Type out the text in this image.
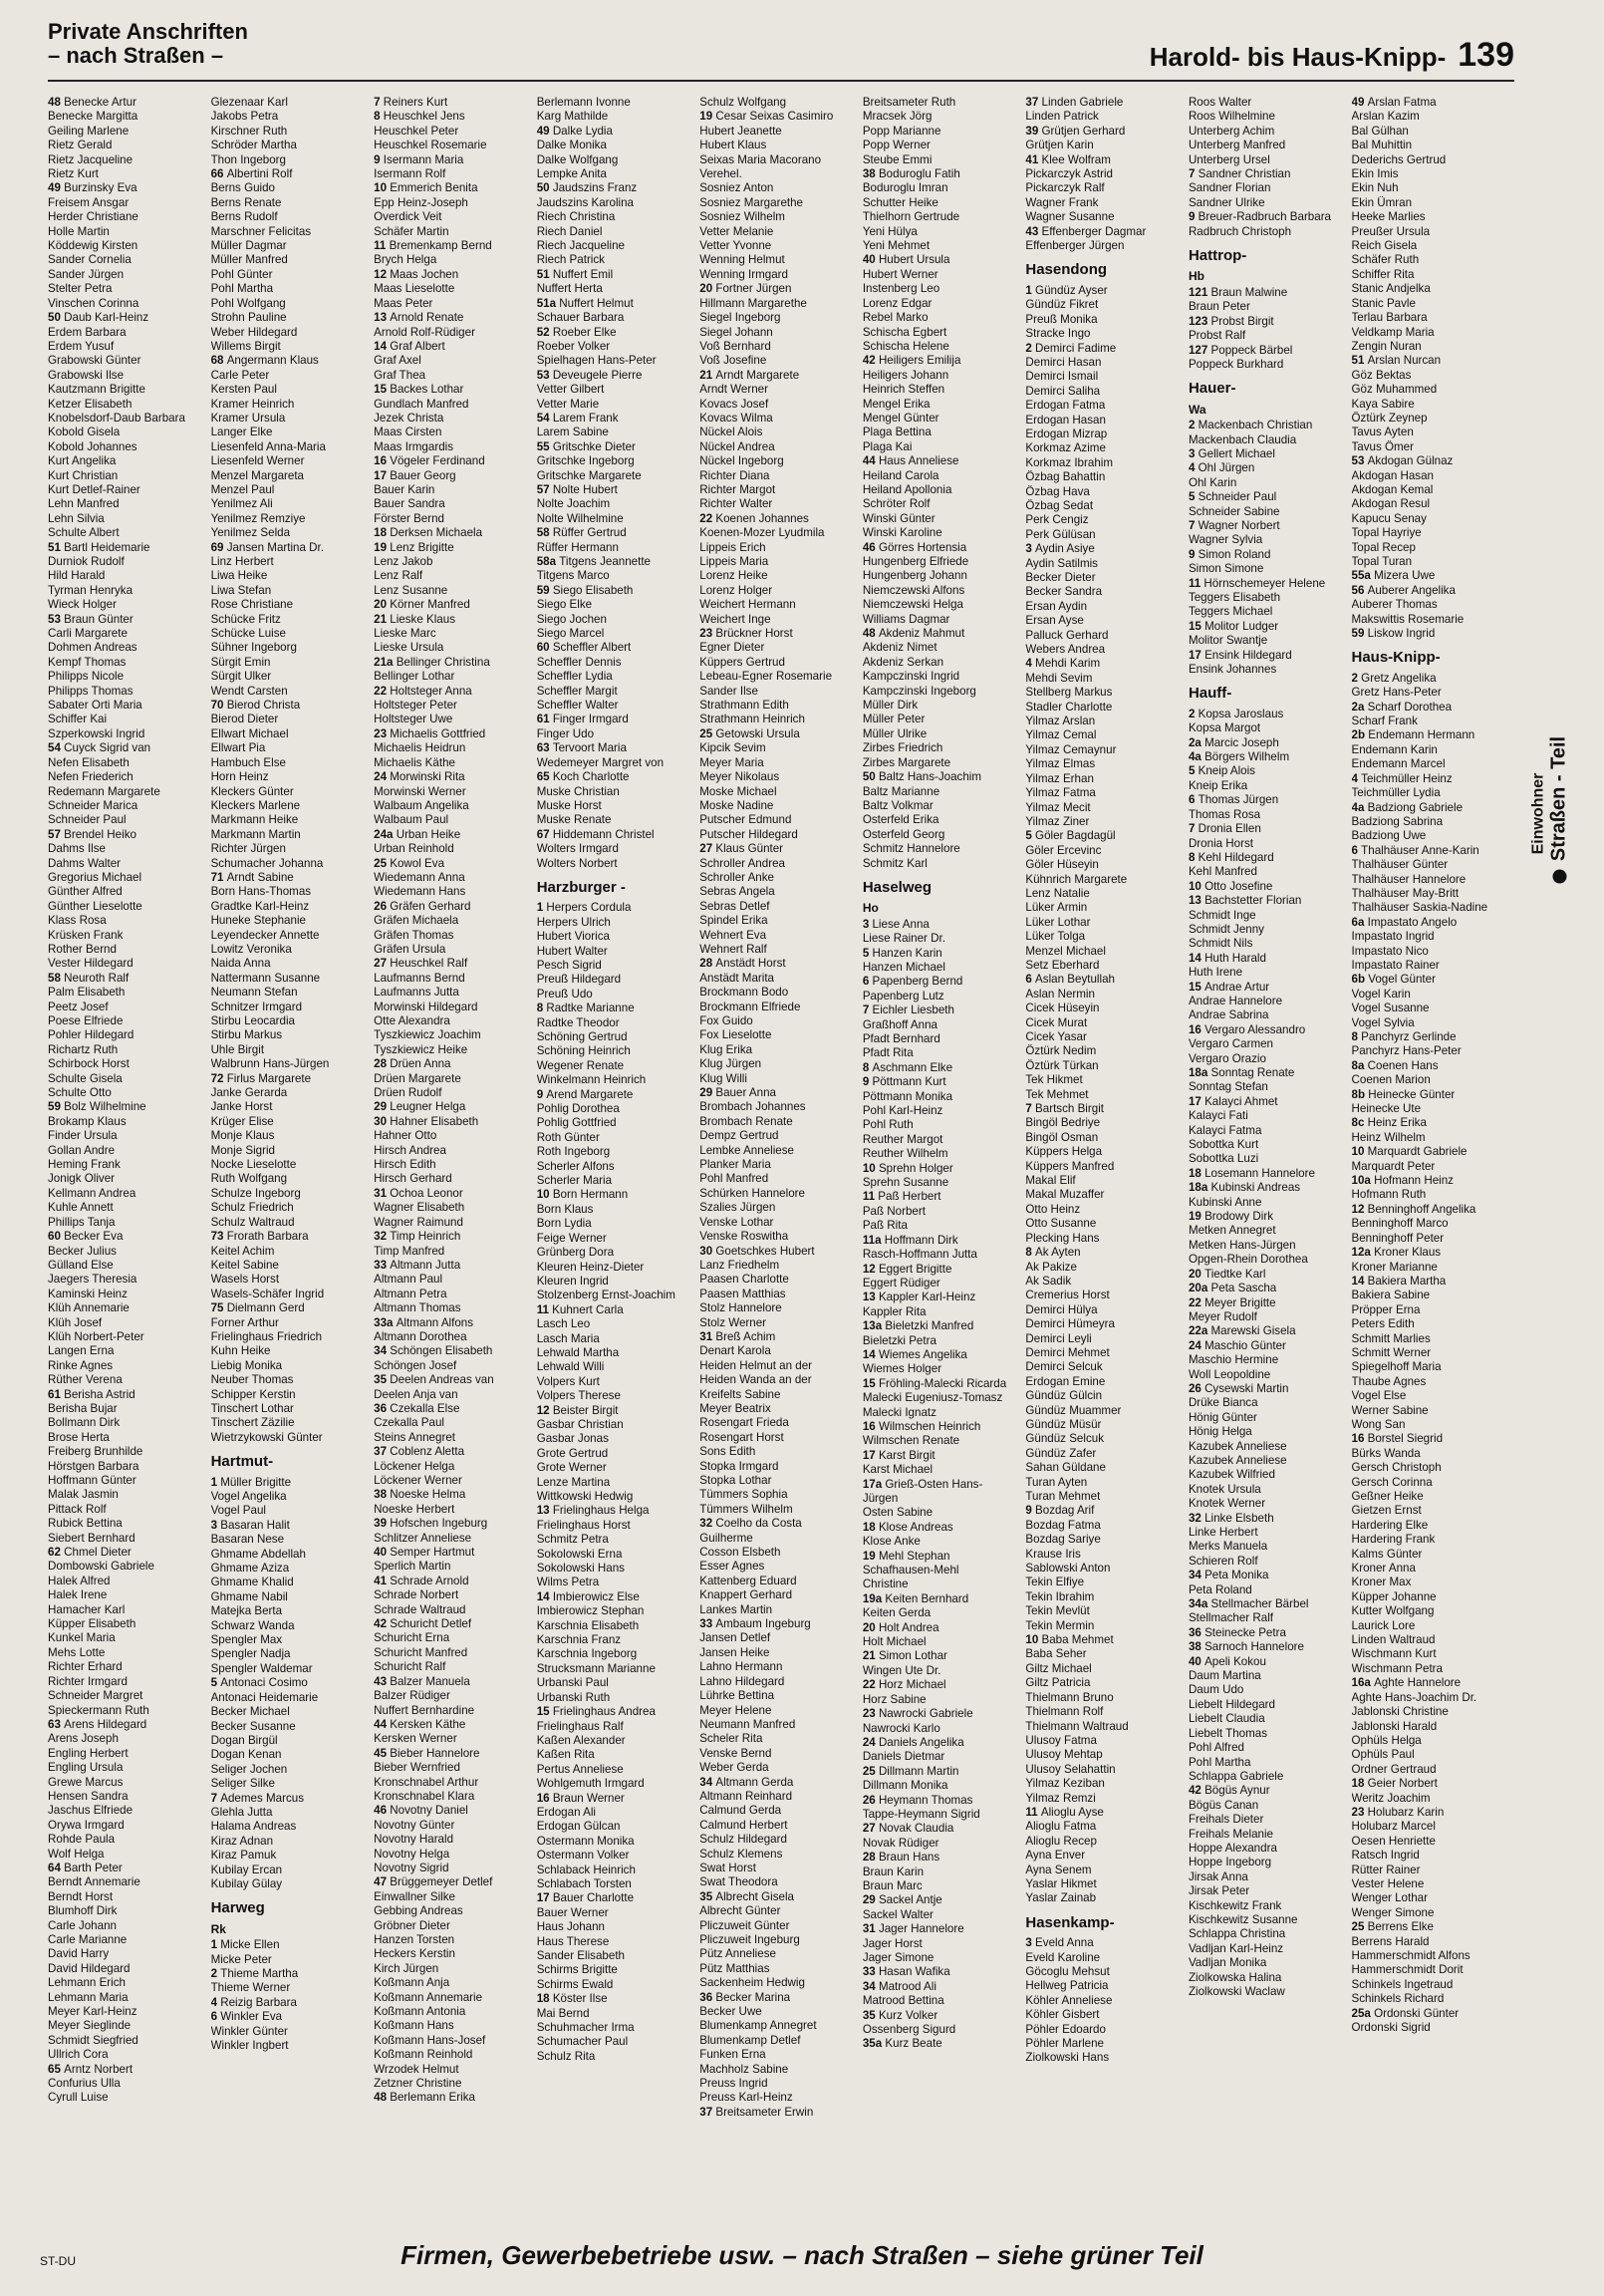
Private Anschriften
– nach Straßen –	Harold- bis Haus-Knipp- 139
48 Benecke Artur
Benecke Margitta
Geiling Marlene
Rietz Gerald
Rietz Jacqueline
Rietz Kurt
49 Burzinsky Eva
Freisem Ansgar
Herder Christiane
Holle Martin
Köddewig Kirsten
Sander Cornelia
Sander Jürgen
Stelter Petra
Vinschen Corinna
50 Daub Karl-Heinz
Erdem Barbara
Erdem Yusuf
Grabowski Günter
Grabowski Ilse
Kautzmann Brigitte
Ketzer Elisabeth
Knobelsdorf-Daub Barbara
Kobold Gisela
Kobold Johannes
Kurt Angelika
Kurt Christian
Kurt Detlef-Rainer
Lehn Manfred
Lehn Silvia
Schulte Albert
51 Bartl Heidemarie
Durniok Rudolf
Hild Harald
Tyrman Henryka
Wieck Holger
53 Braun Günter
Carli Margarete
Dohmen Andreas
Kempf Thomas
Philipps Nicole
Philipps Thomas
Sabater Orti Maria
Schiffer Kai
Szperkowski Ingrid
54 Cuyck Sigrid van
Nefen Elisabeth
Nefen Friederich
Redemann Margarete
Schneider Marica
Schneider Paul
57 Brendel Heiko
Dahms Ilse
Dahms Walter
Gregorius Michael
Günther Alfred
Günther Lieselotte
Klass Rosa
Krüsken Frank
Rother Bernd
Vester Hildegard
58 Neuroth Ralf
Palm Elisabeth
Peetz Josef
Poese Elfriede
Pohler Hildegard
Richartz Ruth
Schirbock Horst
Schulte Gisela
Schulte Otto
59 Bolz Wilhelmine
Brokamp Klaus
Finder Ursula
Gollan Andre
Heming Frank
Jonigk Oliver
Kellmann Andrea
Kuhle Annett
Phillips Tanja
60 Becker Eva
Becker Julius
Gülland Else
Jaegers Theresia
Kaminski Heinz
Klüh Annemarie
Klüh Josef
Klüh Norbert-Peter
Langen Erna
Rinke Agnes
Rüther Verena
61 Berisha Astrid
Berisha Bujar
Bollmann Dirk
Brose Herta
Freiberg Brunhilde
Hörstgen Barbara
Hoffmann Günter
Malak Jasmin
Pittack Rolf
Rubick Bettina
Siebert Bernhard
62 Chmel Dieter
Dombowski Gabriele
Halek Alfred
Halek Irene
Hamacher Karl
Küpper Elisabeth
Kunkel Maria
Mehs Lotte
Richter Erhard
Richter Irmgard
Schneider Margret
Spieckermann Ruth
63 Arens Hildegard
Arens Joseph
Engling Herbert
Engling Ursula
Grewe Marcus
Hensen Sandra
Jaschus Elfriede
Orywa Irmgard
Rohde Paula
Wolf Helga
64 Barth Peter
Berndt Annemarie
Berndt Horst
Blumhoff Dirk
Carle Johann
Carle Marianne
David Harry
David Hildegard
Lehmann Erich
Lehmann Maria
Meyer Karl-Heinz
Meyer Sieglinde
Schmidt Siegfried
Ullrich Cora
65 Arntz Norbert
Confurius Ulla
Cyrull Luise
Glezenaar Karl
Jakobs Petra
Kirschner Ruth
Schröder Martha
Thon Ingeborg
66 Albertini Rolf
Berns Guido
Berns Renate
Berns Rudolf
Marschner Felicitas
Müller Dagmar
Müller Manfred
Pohl Günter
Pohl Martha
Pohl Wolfgang
Strohn Pauline
Weber Hildegard
Willems Birgit
68 Angermann Klaus
Carle Peter
Kersten Paul
Kramer Heinrich
Kramer Ursula
Langer Elke
Liesenfeld Anna-Maria
Liesenfeld Werner
Menzel Margareta
Menzel Paul
Yenilmez Ali
Yenilmez Remziye
Yenilmez Selda
69 Jansen Martina Dr.
Linz Herbert
Liwa Heike
Liwa Stefan
Rose Christiane
Schücke Fritz
Schücke Luise
Sühner Ingeborg
Sürgit Emin
Sürgit Ulker
Wendt Carsten
70 Bierod Christa
Bierod Dieter
Ellwart Michael
Ellwart Pia
Hambuch Else
Horn Heinz
Kleckers Günter
Kleckers Marlene
Markmann Heike
Markmann Martin
Richter Jürgen
Schumacher Johanna
71 Arndt Sabine
Born Hans-Thomas
Gradtke Karl-Heinz
Huneke Stephanie
Leyendecker Annette
Lowitz Veronika
Naida Anna
Nattermann Susanne
Neumann Stefan
Schnitzer Irmgard
Stirbu Leocardia
Stirbu Markus
Uhle Birgit
Walbrunn Hans-Jürgen
72 Firlus Margarete
Janke Gerarda
Janke Horst
Krüger Elise
Monje Klaus
Monje Sigrid
Nocke Lieselotte
Ruth Wolfgang
Schulze Ingeborg
Schulz Friedrich
Schulz Waltraud
73 Frorath Barbara
Keitel Achim
Keitel Sabine
Wasels Horst
Wasels-Schäfer Ingrid
75 Dielmann Gerd
Forner Arthur
Frielinghaus Friedrich
Kuhn Heike
Liebig Monika
Neuber Thomas
Schipper Kerstin
Tinschert Lothar
Tinschert Zäzilie
Wietrzykowski Günter
Hartmut-
1 Müller Brigitte
Vogel Angelika
Vogel Paul
3 Basaran Halit
Basaran Nese
Ghmame Abdellah
Ghmame Aziza
Ghmame Khalid
Ghmame Nabil
Matejka Berta
Schwarz Wanda
Spengler Max
Spengler Nadja
Spengler Waldemar
5 Antonaci Cosimo
Antonaci Heidemarie
Becker Michael
Becker Susanne
Dogan Birgül
Dogan Kenan
Seliger Jochen
Seliger Silke
7 Ademes Marcus
Glehla Jutta
Halama Andreas
Kiraz Adnan
Kiraz Pamuk
Kubilay Ercan
Kubilay Gülay
Harweg
Rk
1 Micke Ellen
Micke Peter
2 Thieme Martha
Thieme Werner
4 Reizig Barbara
6 Winkler Eva
Winkler Günter
Winkler Ingbert
7 Reiners Kurt
8 Heuschkel Jens
Heuschkel Peter
Heuschkel Rosemarie
9 Isermann Maria
Isermann Rolf
10 Emmerich Benita
Epp Heinz-Joseph
Overdick Veit
Schäfer Martin
11 Bremenkamp Bernd
Brych Helga
12 Maas Jochen
Maas Lieselotte
Maas Peter
13 Arnold Renate
Arnold Rolf-Rüdiger
14 Graf Albert
Graf Axel
Graf Thea
15 Backes Lothar
Gundlach Manfred
Jezek Christa
Maas Cirsten
Maas Irmgardis
16 Vögeler Ferdinand
17 Bauer Georg
Bauer Karin
Bauer Sandra
Förster Bernd
18 Derksen Michaela
19 Lenz Brigitte
Lenz Jakob
Lenz Ralf
Lenz Susanne
20 Körner Manfred
21 Lieske Klaus
Lieske Marc
Lieske Ursula
21a Bellinger Christina
Bellinger Lothar
22 Holtsteger Anna
Holtsteger Peter
Holtsteger Uwe
23 Michaelis Gottfried
Michaelis Heidrun
Michaelis Käthe
24 Morwinski Rita
Morwinski Werner
Walbaum Angelika
Walbaum Paul
24a Urban Heike
Urban Reinhold
25 Kowol Eva
Wiedemann Anna
Wiedemann Hans
26 Gräfen Gerhard
Gräfen Michaela
Gräfen Thomas
Gräfen Ursula
27 Heuschkel Ralf
Laufmanns Bernd
Laufmanns Jutta
Morwinski Hildegard
Otte Alexandra
Tyszkiewicz Joachim
Tyszkiewicz Heike
28 Drüen Anna
Drüen Margarete
Drüen Rudolf
29 Leugner Helga
30 Hahner Elisabeth
Hahner Otto
Hirsch Andrea
Hirsch Edith
Hirsch Gerhard
31 Ochoa Leonor
Wagner Elisabeth
Wagner Raimund
32 Timp Heinrich
Timp Manfred
33 Altmann Jutta
Altmann Paul
Altmann Petra
Altmann Thomas
33a Altmann Alfons
Altmann Dorothea
34 Schöngen Elisabeth
Schöngen Josef
35 Deelen Andreas van
Deelen Anja van
36 Czekalla Else
Czekalla Paul
Steins Annegret
37 Coblenz Aletta
Löckener Helga
Löckener Werner
38 Noeske Helma
Noeske Herbert
39 Hofschen Ingeburg
Schlitzer Anneliese
40 Semper Hartmut
Sperlich Martin
41 Schrade Arnold
Schrade Norbert
Schrade Waltraud
42 Schuricht Detlef
Schuricht Erna
Schuricht Manfred
Schuricht Ralf
43 Balzer Manuela
Balzer Rüdiger
Nuffert Bernhardine
44 Kersken Käthe
Kersken Werner
45 Bieber Hannelore
Bieber Wernfried
Kronschnabel Arthur
Kronschnabel Klara
46 Novotny Daniel
Novotny Günter
Novotny Harald
Novotny Helga
Novotny Sigrid
47 Brüggemeyer Detlef
Einwallner Silke
Gebbing Andreas
Gröbner Dieter
Hanzen Torsten
Heckers Kerstin
Kirch Jürgen
Koßmann Anja
Koßmann Annemarie
Koßmann Antonia
Koßmann Hans
Koßmann Hans-Josef
Koßmann Reinhold
Wrzodek Helmut
Zetzner Christine
48 Berlemann Erika
Berlemann Ivonne
Karg Mathilde
49 Dalke Lydia
Dalke Monika
Dalke Wolfgang
Lempke Anita
50 Jaudszins Franz
Jaudszins Karolina
Riech Christina
Riech Daniel
Riech Jacqueline
Riech Patrick
51 Nuffert Emil
Nuffert Herta
51a Nuffert Helmut
Schauer Barbara
52 Roeber Elke
Roeber Volker
Spielhagen Hans-Peter
53 Deveugele Pierre
Vetter Gilbert
Vetter Marie
54 Larem Frank
Larem Sabine
55 Gritschke Dieter
Gritschke Ingeborg
Gritschke Margarete
57 Nolte Hubert
Nolte Joachim
Nolte Wilhelmine
58 Rüffer Gertrud
Rüffer Hermann
58a Titgens Jeannette
Titgens Marco
59 Siego Elisabeth
Siego Elke
Siego Jochen
Siego Marcel
60 Scheffler Albert
Scheffler Dennis
Scheffler Lydia
Scheffler Margit
Scheffler Walter
61 Finger Irmgard
Finger Udo
63 Tervoort Maria
Wedemeyer Margret von
65 Koch Charlotte
Muske Christian
Muske Horst
Muske Renate
67 Hiddemann Christel
Wolters Irmgard
Wolters Norbert
Harzburger -
1 Herpers Cordula
Herpers Ulrich
Hubert Viorica
Hubert Walter
Pesch Sigrid
Preuß Hildegard
Preuß Udo
8 Radtke Marianne
Radtke Theodor
Schöning Gertrud
Schöning Heinrich
Wegener Renate
Winkelmann Heinrich
9 Arend Margarete
Pohlig Dorothea
Pohlig Gottfried
Roth Günter
Roth Ingeborg
Scherler Alfons
Scherler Maria
10 Born Hermann
Born Klaus
Born Lydia
Feige Werner
Grünberg Dora
Kleuren Heinz-Dieter
Kleuren Ingrid
Stolzenberg Ernst-Joachim
11 Kuhnert Carla
Lasch Leo
Lasch Maria
Lehwald Martha
Lehwald Willi
Volpers Kurt
Volpers Therese
12 Beister Birgit
Gasbar Christian
Gasbar Jonas
Grote Gertrud
Grote Werner
Lenze Martina
Wittkowski Hedwig
13 Frielinghaus Helga
Frielinghaus Horst
Schmitz Petra
Sokolowski Erna
Sokolowski Hans
Wilms Petra
14 Imbierowicz Else
Imbierowicz Stephan
Karschnia Elisabeth
Karschnia Franz
Karschnia Ingeborg
Strucksmann Marianne
Urbanski Paul
Urbanski Ruth
15 Frielinghaus Andrea
Frielinghaus Ralf
Kaßen Alexander
Kaßen Rita
Pertus Anneliese
Wohlgemuth Irmgard
16 Braun Werner
Erdogan Ali
Erdogan Gülcan
Ostermann Monika
Ostermann Volker
Schlaback Heinrich
Schlabach Torsten
17 Bauer Charlotte
Bauer Werner
Haus Johann
Haus Therese
Sander Elisabeth
Schirms Brigitte
Schirms Ewald
18 Köster Ilse
Mai Bernd
Schuhmacher Irma
Schumacher Paul
Schulz Rita
Schulz Wolfgang
19 Cesar Seixas Casimiro
Hubert Jeanette
Hubert Klaus
Seixas Maria Macorano
Verehel.
Sosniez Anton
Sosniez Margarethe
Sosniez Wilhelm
Vetter Melanie
Vetter Yvonne
Wenning Helmut
Wenning Irmgard
20 Fortner Jürgen
Hillmann Margarethe
Siegel Ingeborg
Siegel Johann
Voß Bernhard
Voß Josefine
21 Arndt Margarete
Arndt Werner
Kovacs Josef
Kovacs Wilma
Nückel Alois
Nückel Andrea
Nückel Ingeborg
Richter Diana
Richter Margot
Richter Walter
22 Koenen Johannes
Koenen-Mozer Lyudmila
Lippeis Erich
Lippeis Maria
Lorenz Heike
Lorenz Holger
Weichert Hermann
Weichert Inge
23 Brückner Horst
Egner Dieter
Küppers Gertrud
Lebeau-Egner Rosemarie
Sander Ilse
Strathmann Edith
Strathmann Heinrich
25 Getowski Ursula
Kipcik Sevim
Meyer Maria
Meyer Nikolaus
Moske Michael
Moske Nadine
Putscher Edmund
Putscher Hildegard
27 Klaus Günter
Schroller Andrea
Schroller Anke
Sebras Angela
Sebras Detlef
Spindel Erika
Wehnert Eva
Wehnert Ralf
28 Anstädt Horst
Anstädt Marita
Brockmann Bodo
Brockmann Elfriede
Fox Guido
Fox Lieselotte
Klug Erika
Klug Jürgen
Klug Willi
29 Bauer Anna
Brombach Johannes
Brombach Renate
Dempz Gertrud
Lembke Anneliese
Planker Maria
Pohl Manfred
Schürken Hannelore
Szalies Jürgen
Venske Lothar
Venske Roswitha
30 Goetschkes Hubert
Lanz Friedhelm
Paasen Charlotte
Paasen Matthias
Stolz Hannelore
Stolz Werner
31 Breß Achim
Denart Karola
Heiden Helmut an der
Heiden Wanda an der
Kreifelts Sabine
Meyer Beatrix
Rosengart Frieda
Rosengart Horst
Sons Edith
Stopka Irmgard
Stopka Lothar
Tümmers Sophia
Tümmers Wilhelm
32 Coelho da Costa
Guilherme
Cosson Elsbeth
Esser Agnes
Kattenberg Eduard
Knappert Gerhard
Lankes Martin
33 Ambaum Ingeburg
Jansen Detlef
Jansen Heike
Lahno Hermann
Lahno Hildegard
Lührke Bettina
Meyer Helene
Neumann Manfred
Scheler Rita
Venske Bernd
Weber Gerda
34 Altmann Gerda
Altmann Reinhard
Calmund Gerda
Calmund Herbert
Schulz Hildegard
Schulz Klemens
Swat Horst
Swat Theodora
35 Albrecht Gisela
Albrecht Günter
Pliczuweit Günter
Pliczuweit Ingeburg
Pütz Anneliese
Pütz Matthias
Sackenheim Hedwig
36 Becker Marina
Becker Uwe
Blumenkamp Annegret
Blumenkamp Detlef
Funken Erna
Machholz Sabine
Preuss Ingrid
Preuss Karl-Heinz
37 Breitsameter Erwin
Breitsameter Ruth
Mracsek Jörg
Popp Marianne
Popp Werner
Steube Emmi
38 Boduroglu Fatih
Boduroglu Imran
Schutter Heike
Thielhorn Gertrude
Yeni Hülya
Yeni Mehmet
40 Hubert Ursula
Hubert Werner
Instenberg Leo
Lorenz Edgar
Rebel Marko
Schischa Egbert
Schischa Helene
42 Heiligers Emilija
Heiligers Johann
Heinrich Steffen
Mengel Erika
Mengel Günter
Plaga Bettina
Plaga Kai
44 Haus Anneliese
Heiland Carola
Heiland Apollonia
Schröter Rolf
Winski Günter
Winski Karoline
46 Görres Hortensia
Hungenberg Elfriede
Hungenberg Johann
Niemczewski Alfons
Niemczewski Helga
Williams Dagmar
48 Akdeniz Mahmut
Akdeniz Nimet
Akdeniz Serkan
Kampczinski Ingrid
Kampczinski Ingeborg
Müller Dirk
Müller Peter
Müller Ulrike
Zirbes Friedrich
Zirbes Margarete
50 Baltz Hans-Joachim
Baltz Marianne
Baltz Volkmar
Osterfeld Erika
Osterfeld Georg
Schmitz Hannelore
Schmitz Karl
Haselweg
Ho
3 Liese Anna
Liese Rainer Dr.
5 Hanzen Karin
Hanzen Michael
6 Papenberg Bernd
Papenberg Lutz
7 Eichler Liesbeth
Graßhoff Anna
Pfadt Bernhard
Pfadt Rita
8 Aschmann Elke
9 Pöttmann Kurt
Pöttmann Monika
Pohl Karl-Heinz
Pohl Ruth
Reuther Margot
Reuther Wilhelm
10 Sprehn Holger
Sprehn Susanne
11 Paß Herbert
Paß Norbert
Paß Rita
11a Hoffmann Dirk
Rasch-Hoffmann Jutta
12 Eggert Brigitte
Eggert Rüdiger
13 Kappler Karl-Heinz
Kappler Rita
13a Bieletzki Manfred
Bieletzki Petra
14 Wiemes Angelika
Wiemes Holger
15 Fröhling-Malecki Ricarda
Malecki Eugeniusz-Tomasz
Malecki Ignatz
16 Wilmschen Heinrich
Wilmschen Renate
17 Karst Birgit
Karst Michael
17a Grieß-Osten Hans-
Jürgen
Osten Sabine
18 Klose Andreas
Klose Anke
19 Mehl Stephan
Schafhausen-Mehl
Christine
19a Keiten Bernhard
Keiten Gerda
20 Holt Andrea
Holt Michael
21 Simon Lothar
Wingen Ute Dr.
22 Horz Michael
Horz Sabine
23 Nawrocki Gabriele
Nawrocki Karlo
24 Daniels Angelika
Daniels Dietmar
25 Dillmann Martin
Dillmann Monika
26 Heymann Thomas
Tappe-Heymann Sigrid
27 Novak Claudia
Novak Rüdiger
28 Braun Hans
Braun Karin
Braun Marc
29 Sackel Antje
Sackel Walter
31 Jager Hannelore
Jager Horst
Jager Simone
33 Hasan Wafika
34 Matrood Ali
Matrood Bettina
35 Kurz Volker
Ossenberg Sigurd
35a Kurz Beate
37 Linden Gabriele
Linden Patrick
39 Grütjen Gerhard
Grütjen Karin
41 Klee Wolfram
Pickarczyk Astrid
Pickarczyk Ralf
Wagner Frank
Wagner Susanne
43 Effenberger Dagmar
Effenberger Jürgen
Hasendong
1 Gündüz Ayser
Gündüz Fikret
Preuß Monika
Stracke Ingo
2 Demirci Fadime
Demirci Hasan
Demirci Ismail
Demirci Saliha
Erdogan Fatma
Erdogan Hasan
Erdogan Mizrap
Korkmaz Azime
Korkmaz Ibrahim
Özbag Bahattin
Özbag Hava
Özbag Sedat
Perk Cengiz
Perk Gülüsan
3 Aydin Asiye
Aydin Satilmis
Becker Dieter
Becker Sandra
Ersan Aydin
Ersan Ayse
Palluck Gerhard
Webers Andrea
4 Mehdi Karim
Mehdi Sevim
Stellberg Markus
Stadler Charlotte
Yilmaz Arslan
Yilmaz Cemal
Yilmaz Cemaynur
Yilmaz Elmas
Yilmaz Erhan
Yilmaz Fatma
Yilmaz Mecit
Yilmaz Ziner
5 Göler Bagdagül
Göler Ercevinc
Göler Hüseyin
Kühnrich Margarete
Lenz Natalie
Lüker Armin
Lüker Lothar
Lüker Tolga
Menzel Michael
Setz Eberhard
6 Aslan Beytullah
Aslan Nermin
Cicek Hüseyin
Cicek Murat
Cicek Yasar
Öztürk Nedim
Öztürk Türkan
Tek Hikmet
Tek Mehmet
7 Bartsch Birgit
Bingöl Bedriye
Bingöl Osman
Küppers Helga
Küppers Manfred
Makal Elif
Makal Muzaffer
Otto Heinz
Otto Susanne
Plecking Hans
8 Ak Ayten
Ak Pakize
Ak Sadik
Cremerius Horst
Demirci Hülya
Demirci Hümeyra
Demirci Leyli
Demirci Mehmet
Demirci Selcuk
Erdogan Emine
Gündüz Gülcin
Gündüz Muammer
Gündüz Müsür
Gündüz Selcuk
Gündüz Zafer
Sahan Güldane
Turan Ayten
Turan Mehmet
9 Bozdag Arif
Bozdag Fatma
Bozdag Sariye
Krause Iris
Sablowski Anton
Tekin Elfiye
Tekin Ibrahim
Tekin Mevlüt
Tekin Mermin
10 Baba Mehmet
Baba Seher
Giltz Michael
Giltz Patricia
Thielmann Bruno
Thielmann Rolf
Thielmann Waltraud
Ulusoy Fatma
Ulusoy Mehtap
Ulusoy Selahattin
Yilmaz Keziban
Yilmaz Remzi
11 Alioglu Ayse
Alioglu Fatma
Alioglu Recep
Ayna Enver
Ayna Senem
Yaslar Hikmet
Yaslar Zainab
Hasenkamp-
3 Eveld Anna
Eveld Karoline
Göcoglu Mehsut
Hellweg Patricia
Köhler Anneliese
Köhler Gisbert
Pöhler Edoardo
Pöhler Marlene
Ziolkowski Hans
Roos Walter
Roos Wilhelmine
Unterberg Achim
Unterberg Manfred
Unterberg Ursel
7 Sandner Christian
Sandner Florian
Sandner Ulrike
9 Breuer-Radbruch Barbara
Radbruch Christoph
Hattrop-
Hb
121 Braun Malwine
Braun Peter
123 Probst Birgit
Probst Ralf
127 Poppeck Bärbel
Poppeck Burkhard
Hauer-
Wa
2 Mackenbach Christian
Mackenbach Claudia
3 Gellert Michael
4 Ohl Jürgen
Ohl Karin
5 Schneider Paul
Schneider Sabine
7 Wagner Norbert
Wagner Sylvia
9 Simon Roland
Simon Simone
11 Hörnschemeyer Helene
Teggers Elisabeth
Teggers Michael
15 Molitor Ludger
Molitor Swantje
17 Ensink Hildegard
Ensink Johannes
Hauff-
2 Kopsa Jaroslaus
Kopsa Margot
2a Marcic Joseph
4a Börgers Wilhelm
5 Kneip Alois
Kneip Erika
6 Thomas Jürgen
Thomas Rosa
7 Dronia Ellen
Dronia Horst
8 Kehl Hildegard
Kehl Manfred
10 Otto Josefine
13 Bachstetter Florian
Schmidt Inge
Schmidt Jenny
Schmidt Nils
14 Huth Harald
Huth Irene
15 Andrae Artur
Andrae Hannelore
Andrae Sabrina
16 Vergaro Alessandro
Vergaro Carmen
Vergaro Orazio
18a Sonntag Renate
Sonntag Stefan
17 Kalayci Ahmet
Kalayci Fati
Kalayci Fatma
Sobottka Kurt
Sobottka Luzi
18 Losemann Hannelore
18a Kubinski Andreas
Kubinski Anne
19 Brodowy Dirk
Metken Annegret
Metken Hans-Jürgen
Opgen-Rhein Dorothea
20 Tiedtke Karl
20a Peta Sascha
22 Meyer Brigitte
Meyer Rudolf
22a Marewski Gisela
24 Maschio Günter
Maschio Hermine
Woll Leopoldine
26 Cysewski Martin
Drüke Bianca
Hönig Günter
Hönig Helga
Kazubek Anneliese
Kazubek Anneliese
Kazubek Wilfried
Knotek Ursula
Knotek Werner
32 Linke Elsbeth
Linke Herbert
Merks Manuela
Schieren Rolf
34 Peta Monika
Peta Roland
34a Stellmacher Bärbel
Stellmacher Ralf
36 Steinecke Petra
38 Sarnoch Hannelore
40 Apeli Kokou
Daum Martina
Daum Udo
Liebelt Hildegard
Liebelt Claudia
Liebelt Thomas
Pohl Alfred
Pohl Martha
Schlappa Gabriele
42 Bögüs Aynur
Bögüs Canan
Freihals Dieter
Freihals Melanie
Hoppe Alexandra
Hoppe Ingeborg
Jirsak Anna
Jirsak Peter
Kischkewitz Frank
Kischkewitz Susanne
Schlappa Christina
Vadljan Karl-Heinz
Vadljan Monika
Ziolkowska Halina
Ziolkowski Waclaw
49 Arslan Fatma
Arslan Kazim
Bal Gülhan
Bal Muhittin
Dederichs Gertrud
Ekin Imis
Ekin Nuh
Ekin Ümran
Heeke Marlies
Preußer Ursula
Reich Gisela
Schäfer Ruth
Schiffer Rita
Stanic Andjelka
Stanic Pavle
Terlau Barbara
Veldkamp Maria
Zengin Nuran
51 Arslan Nurcan
Göz Bektas
Göz Muhammed
Kaya Sabire
Öztürk Zeynep
Tavus Ayten
Tavus Ömer
53 Akdogan Gülnaz
Akdogan Hasan
Akdogan Kemal
Akdogan Resul
Kapucu Senay
Topal Hayriye
Topal Recep
Topal Turan
55a Mizera Uwe
56 Auberer Angelika
Auberer Thomas
Makswittis Rosemarie
59 Liskow Ingrid
Haus-Knipp-
2 Gretz Angelika
Gretz Hans-Peter
2a Scharf Dorothea
Scharf Frank
2b Endemann Hermann
Endemann Karin
Endemann Marcel
4 Teichmüller Heinz
Teichmüller Lydia
4a Badziong Gabriele
Badziong Sabrina
Badziong Uwe
6 Thalhäuser Anne-Karin
Thalhäuser Günter
Thalhäuser Hannelore
Thalhäuser May-Britt
Thalhäuser Saskia-Nadine
6a Impastato Angelo
Impastato Ingrid
Impastato Nico
Impastato Rainer
6b Vogel Günter
Vogel Karin
Vogel Susanne
Vogel Sylvia
8 Panchyrz Gerlinde
Panchyrz Hans-Peter
8a Coenen Hans
Coenen Marion
8b Heinecke Günter
Heinecke Ute
8c Heinz Erika
Heinz Wilhelm
10 Marquardt Gabriele
Marquardt Peter
10a Hofmann Heinz
Hofmann Ruth
12 Benninghoff Angelika
Benninghoff Marco
Benninghoff Peter
12a Kroner Klaus
Kroner Marianne
14 Bakiera Martha
Bakiera Sabine
Pröpper Erna
Peters Edith
Schmitt Marlies
Schmitt Werner
Spiegelhoff Maria
Thaube Agnes
Vogel Else
Werner Sabine
Wong San
16 Borstel Siegrid
Bürks Wanda
Gersch Christoph
Gersch Corinna
Geßner Heike
Gietzen Ernst
Hardering Elke
Hardering Frank
Kalms Günter
Kroner Anna
Kroner Max
Küpper Johanne
Kutter Wolfgang
Laurick Lore
Linden Waltraud
Wischmann Kurt
Wischmann Petra
16a Aghte Hannelore
Aghte Hans-Joachim Dr.
Jablonski Christine
Jablonski Harald
Ophüls Helga
Ophüls Paul
Ordner Gertraud
18 Geier Norbert
Weritz Joachim
23 Holubarz Karin
Holubarz Marcel
Oesen Henriette
Ratsch Ingrid
Rütter Rainer
Vester Helene
Wenger Lothar
Wenger Simone
25 Berrens Elke
Berrens Harald
Hammerschmidt Alfons
Hammerschmidt Dorit
Schinkels Ingetraud
Schinkels Richard
25a Ordonski Günter
Ordonski Sigrid
Einwohner Straßen - Teil
ST-DU	Firmen, Gewerbebetriebe usw. – nach Straßen – siehe grüner Teil
